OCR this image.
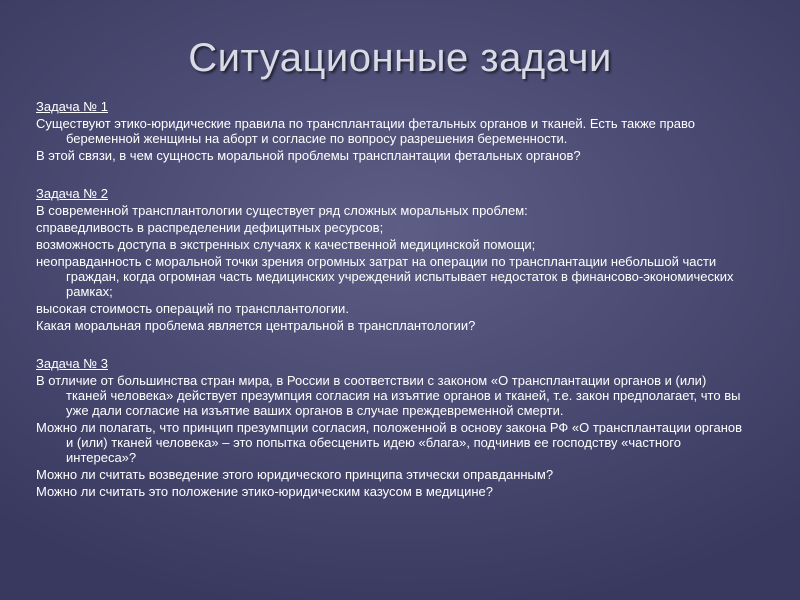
Ситуационные задачи
Задача № 1
Существуют этико-юридические правила по трансплантации фетальных органов и тканей. Есть также право беременной женщины на аборт и согласие по вопросу разрешения беременности.
В этой связи, в чем сущность моральной проблемы трансплантации фетальных органов?
Задача № 2
В современной трансплантологии существует ряд сложных моральных проблем:
справедливость в распределении дефицитных ресурсов;
возможность доступа в экстренных случаях к качественной медицинской помощи;
неоправданность с моральной точки зрения огромных затрат на операции по трансплантации небольшой части граждан, когда огромная часть медицинских учреждений испытывает недостаток в финансово-экономических рамках;
высокая стоимость операций по трансплантологии.
Какая моральная проблема является центральной в трансплантологии?
Задача № 3
В отличие от большинства стран мира, в России в соответствии с законом «О трансплантации органов и (или) тканей человека» действует презумпция согласия на изъятие органов и тканей, т.е. закон предполагает, что вы уже дали согласие на изъятие ваших органов в случае преждевременной смерти.
Можно ли полагать, что принцип презумпции согласия, положенной в основу закона РФ «О трансплантации органов и (или) тканей человека» – это попытка обесценить идею «блага», подчинив ее господству «частного интереса»?
Можно ли считать возведение этого юридического принципа этически оправданным?
Можно ли считать это положение этико-юридическим казусом в медицине?
